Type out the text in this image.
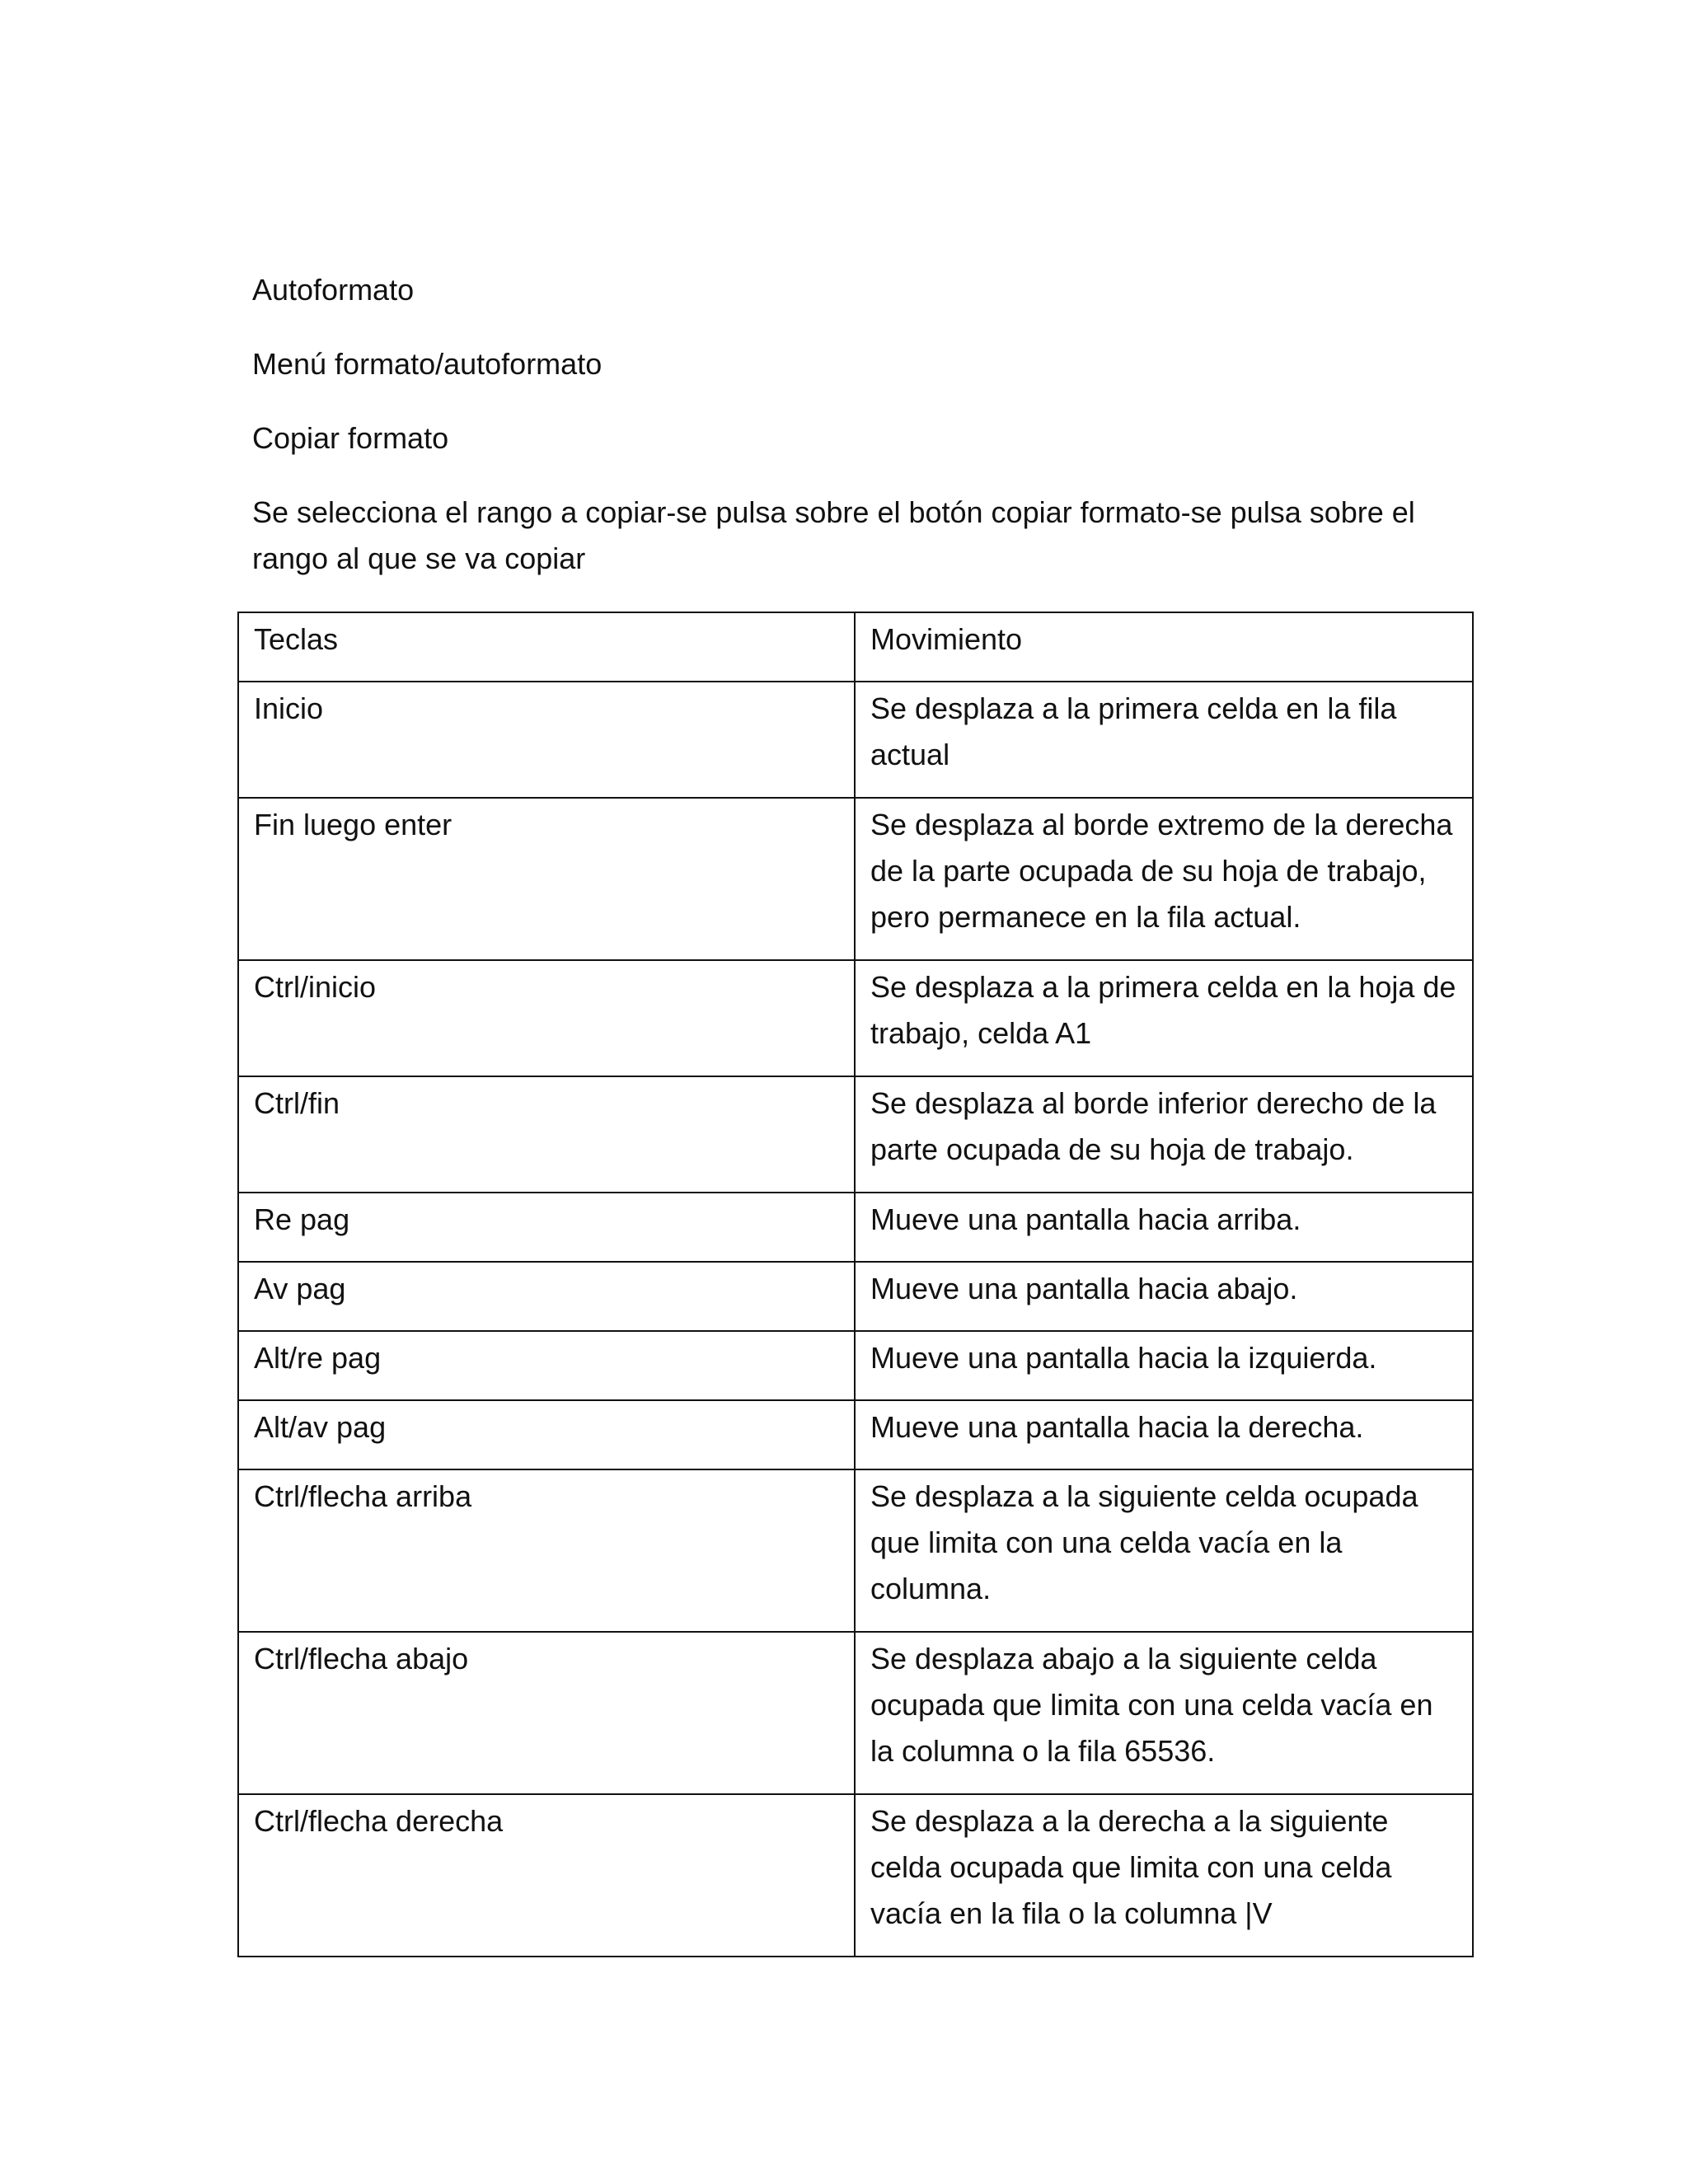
Autoformato

Menú formato/autoformato

Copiar formato

Se selecciona el rango a copiar-se pulsa sobre el botón copiar formato-se pulsa sobre el rango al que se va copiar

Teclas	Movimiento

Inicio	Se desplaza a la primera celda en la fila actual

Fin luego enter	Se desplaza al borde extremo de la derecha de la parte ocupada de su hoja de trabajo, pero permanece en la fila actual.

Ctrl/inicio	Se desplaza a la primera celda en la hoja de trabajo, celda A1

Ctrl/fin	Se desplaza al borde inferior derecho de la parte ocupada de su hoja de trabajo.

Re pag	Mueve una pantalla hacia arriba.

Av pag	Mueve una pantalla hacia abajo.

Alt/re pag	Mueve una pantalla hacia la izquierda.

Alt/av pag	Mueve una pantalla hacia la derecha.

Ctrl/flecha arriba	Se desplaza a la siguiente celda ocupada que limita con una celda vacía en la columna.

Ctrl/flecha abajo	Se desplaza abajo a la siguiente celda ocupada que limita con una celda vacía en la columna o la fila 65536.

Ctrl/flecha derecha	Se desplaza a la derecha a la siguiente celda ocupada que limita con una celda vacía en la fila o la columna |V
